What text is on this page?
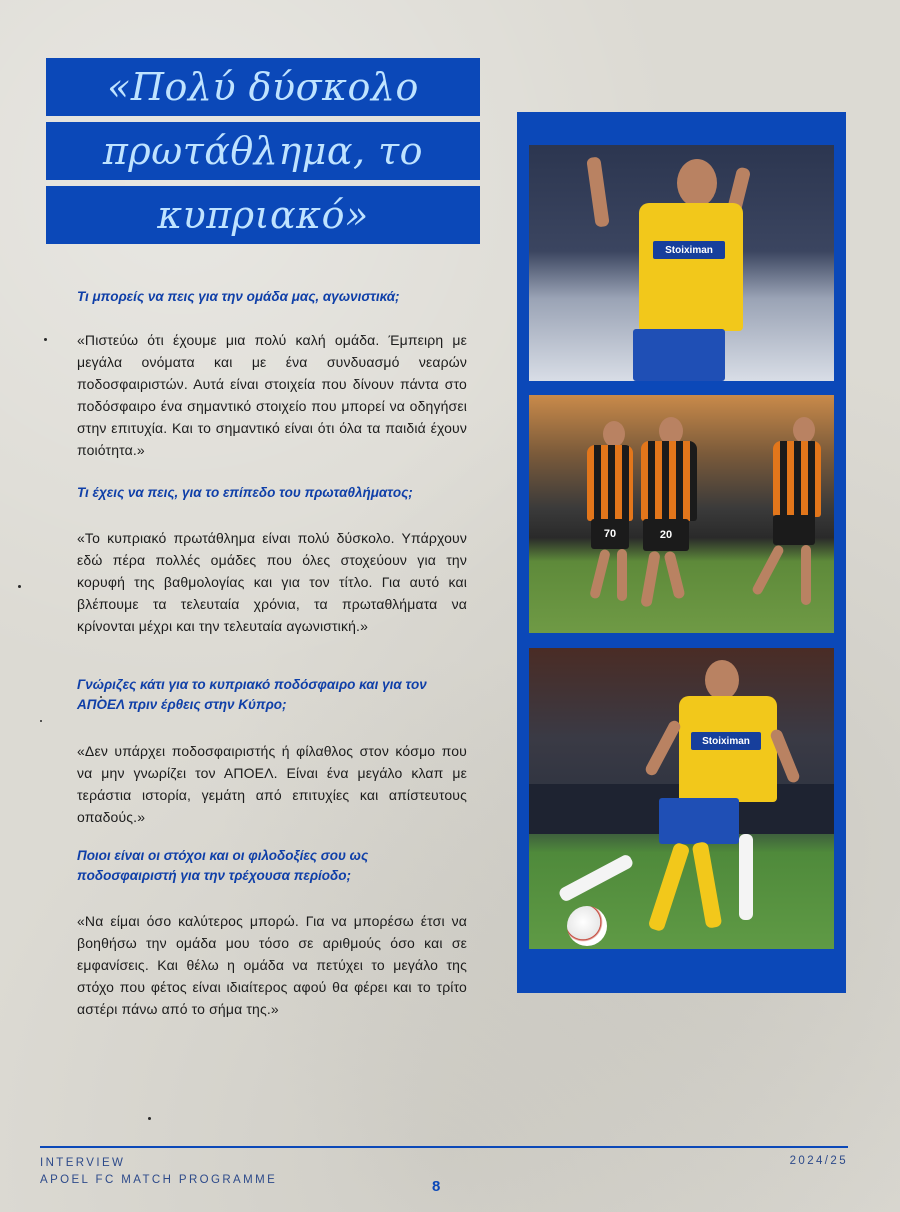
«Πολύ δύσκολο
πρωτάθλημα, το
κυπριακό»

Τι μπορείς να πεις για την ομάδα μας, αγωνιστικά;

«Πιστεύω ότι έχουμε μια πολύ καλή ομάδα. Έμπειρη με μεγάλα ονόματα και με ένα συνδυασμό νεαρών ποδοσφαιριστών. Αυτά είναι στοιχεία που δίνουν πάντα στο ποδόσφαιρο ένα σημαντικό στοιχείο που μπορεί να οδηγήσει στην επιτυχία. Και το σημαντικό είναι ότι όλα τα παιδιά έχουν ποιότητα.»

Τι έχεις να πεις, για το επίπεδο του πρωταθλήματος;

«Το κυπριακό πρωτάθλημα είναι πολύ δύσκολο. Υπάρχουν εδώ πέρα πολλές ομάδες που όλες στοχεύουν για την κορυφή της βαθμολογίας και για τον τίτλο. Για αυτό και βλέπουμε τα τελευταία χρόνια, τα πρωταθλήματα να κρίνονται μέχρι και την τελευταία αγωνιστική.»

Γνώριζες κάτι για το κυπριακό ποδόσφαιρο και για τον ΑΠΟΕΛ πριν έρθεις στην Κύπρο;

«Δεν υπάρχει ποδοσφαιριστής ή φίλαθλος στον κόσμο που να μην γνωρίζει τον ΑΠΟΕΛ. Είναι ένα μεγάλο κλαπ με τεράστια ιστορία, γεμάτη από επιτυχίες και απίστευτους οπαδούς.»

Ποιοι είναι οι στόχοι και οι φιλοδοξίες σου ως ποδοσφαιριστή για την τρέχουσα περίοδο;

«Να είμαι όσο καλύτερος μπορώ. Για να μπορέσω έτσι να βοηθήσω την ομάδα μου τόσο σε αριθμούς όσο και σε εμφανίσεις. Και θέλω η ομάδα να πετύχει το μεγάλο της στόχο που φέτος είναι ιδιαίτερος αφού θα φέρει και το τρίτο αστέρι πάνω από το σήμα της.»

Stoiximan
70	20
Stoiximan
INTERVIEW
APOEL FC MATCH PROGRAMME
2024/25
8
